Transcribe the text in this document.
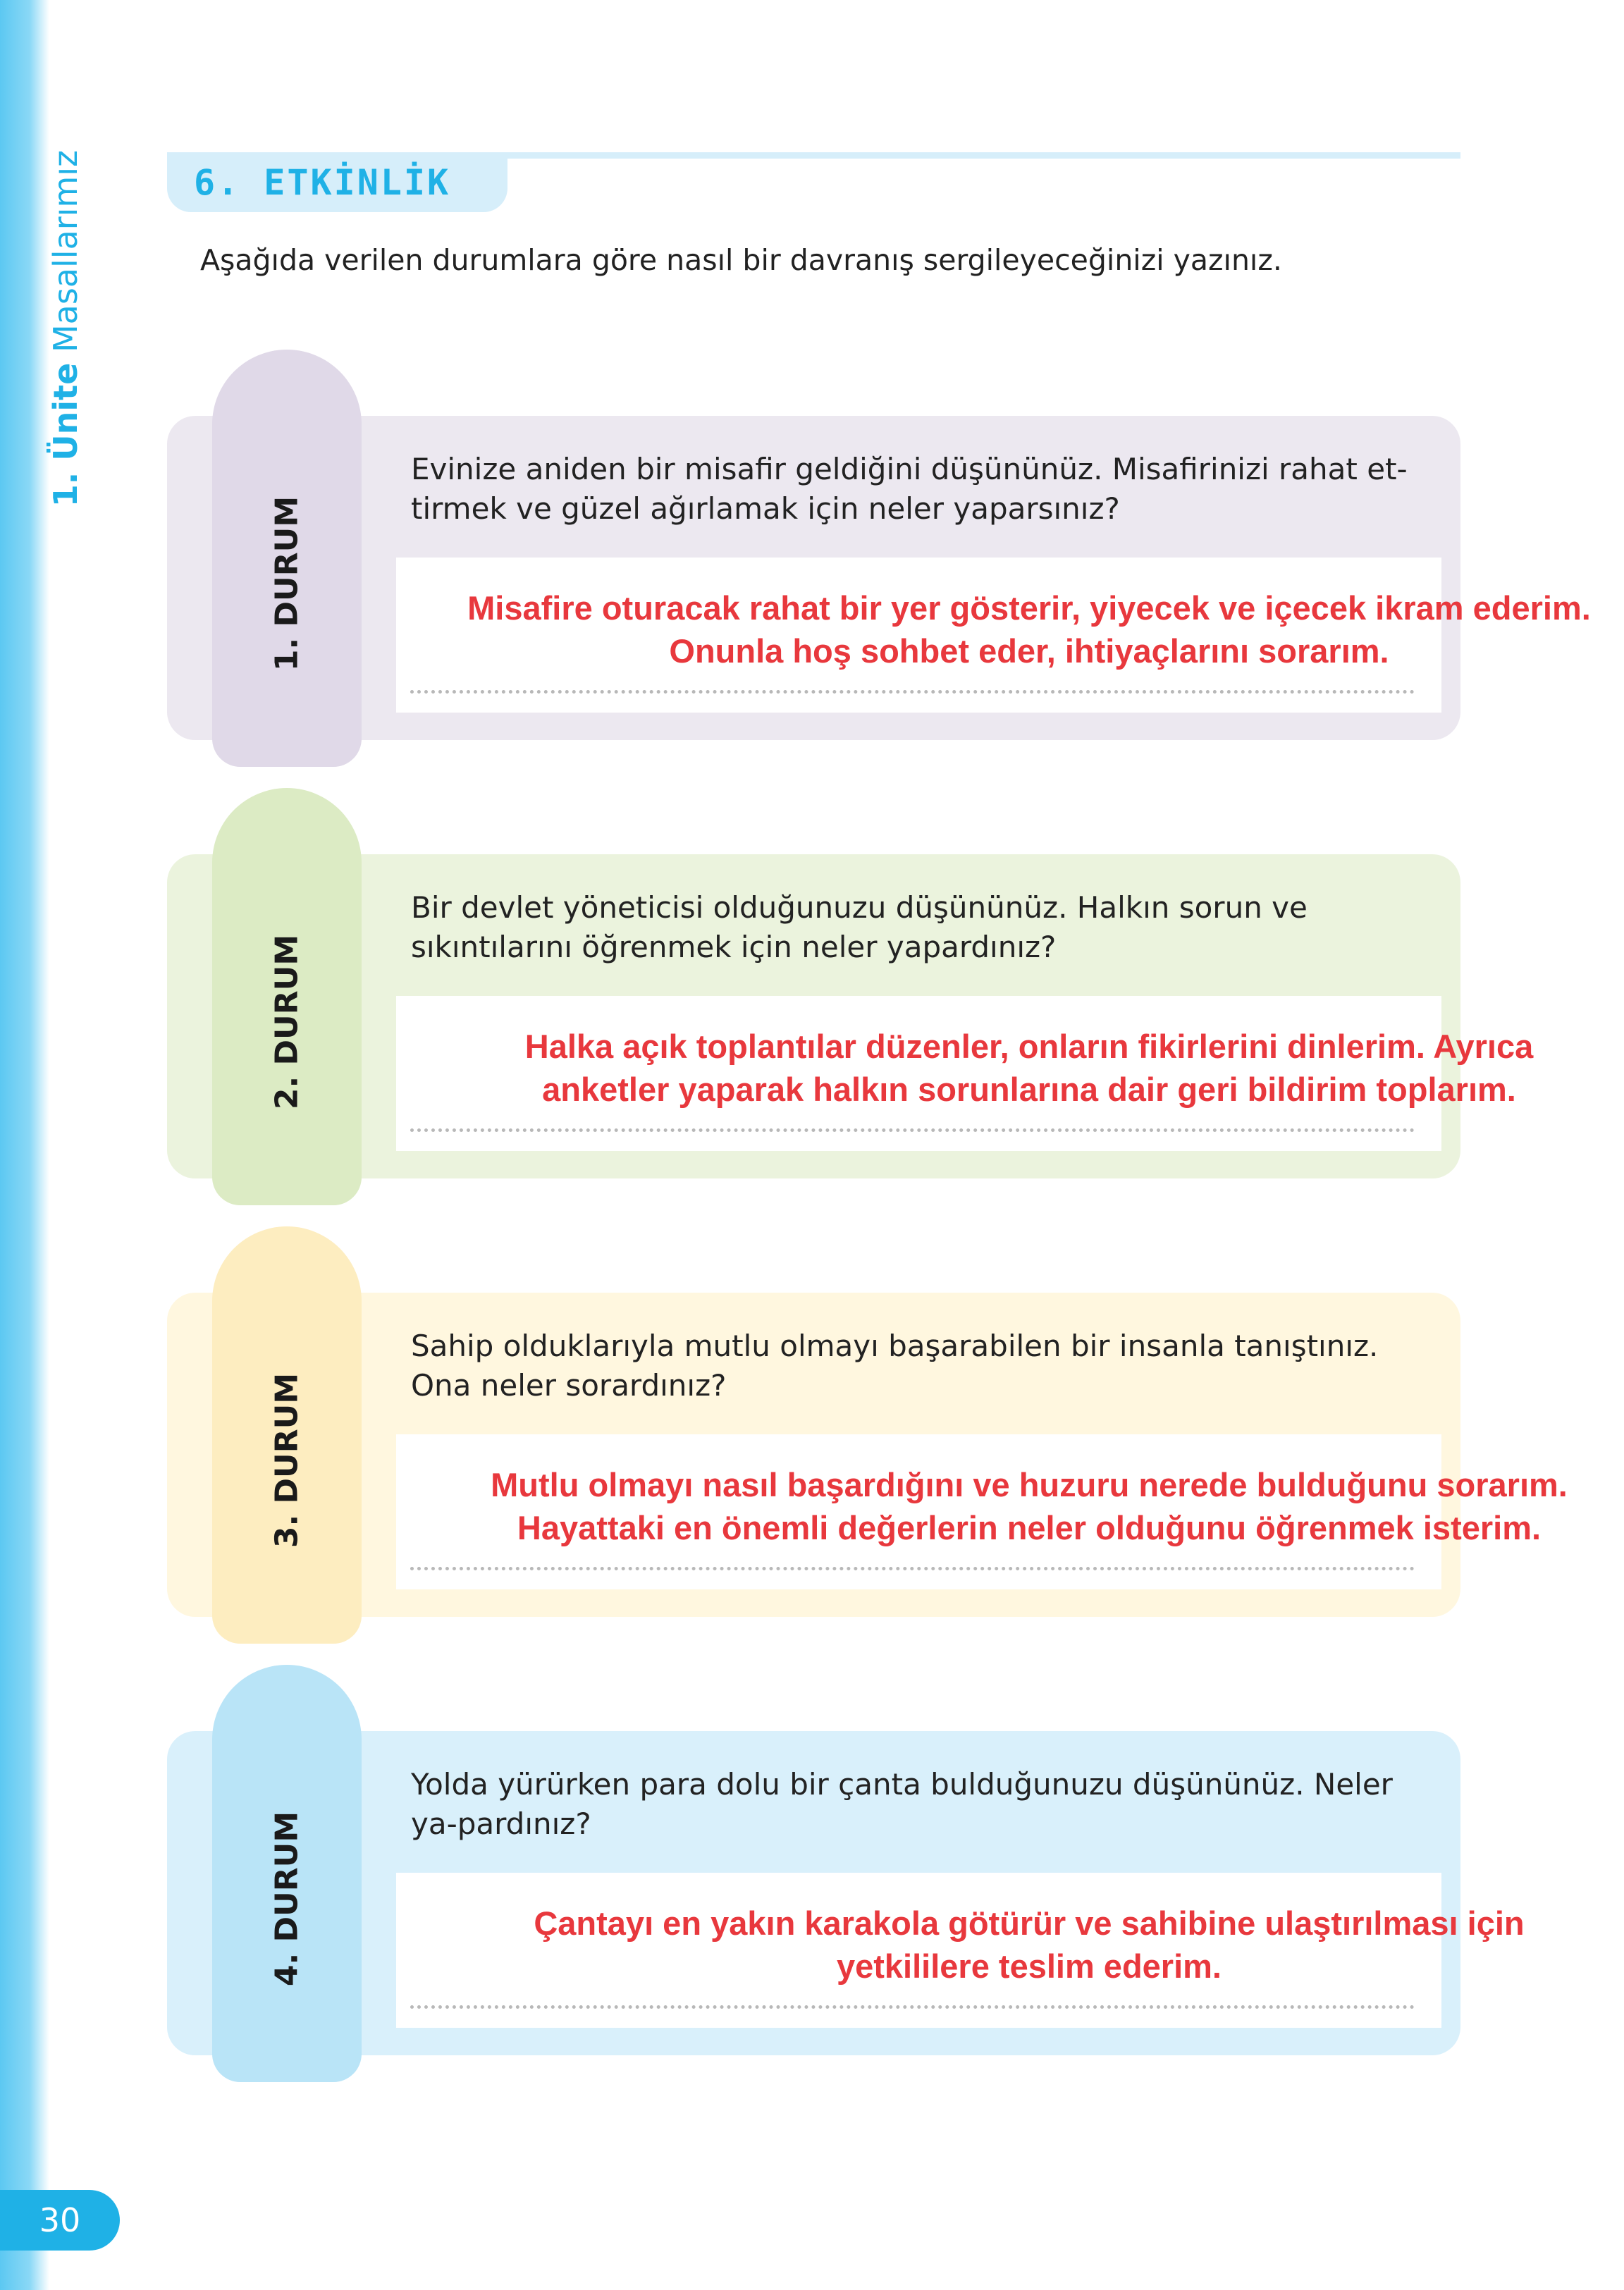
1. Ünite Masallarımız	6. ETKİNLİK
Aşağıda verilen durumlara göre nasıl bir davranış sergileyeceğinizi yazınız.
1. DURUM
Evinize aniden bir misafir geldiğini düşününüz. Misafirinizi rahat et-tirmek ve güzel ağırlamak için neler yaparsınız?
Misafire oturacak rahat bir yer gösterir, yiyecek ve içecek ikram ederim.
Onunla hoş sohbet eder, ihtiyaçlarını sorarım.
2. DURUM
Bir devlet yöneticisi olduğunuzu düşününüz. Halkın sorun ve sıkıntılarını öğrenmek için neler yapardınız?
Halka açık toplantılar düzenler, onların fikirlerini dinlerim. Ayrıca
anketler yaparak halkın sorunlarına dair geri bildirim toplarım.
3. DURUM
Sahip olduklarıyla mutlu olmayı başarabilen bir insanla tanıştınız. Ona neler sorardınız?
Mutlu olmayı nasıl başardığını ve huzuru nerede bulduğunu sorarım.
Hayattaki en önemli değerlerin neler olduğunu öğrenmek isterim.
4. DURUM
Yolda yürürken para dolu bir çanta bulduğunuzu düşününüz. Neler ya-pardınız?
Çantayı en yakın karakola götürür ve sahibine ulaştırılması için
yetkililere teslim ederim.
30
